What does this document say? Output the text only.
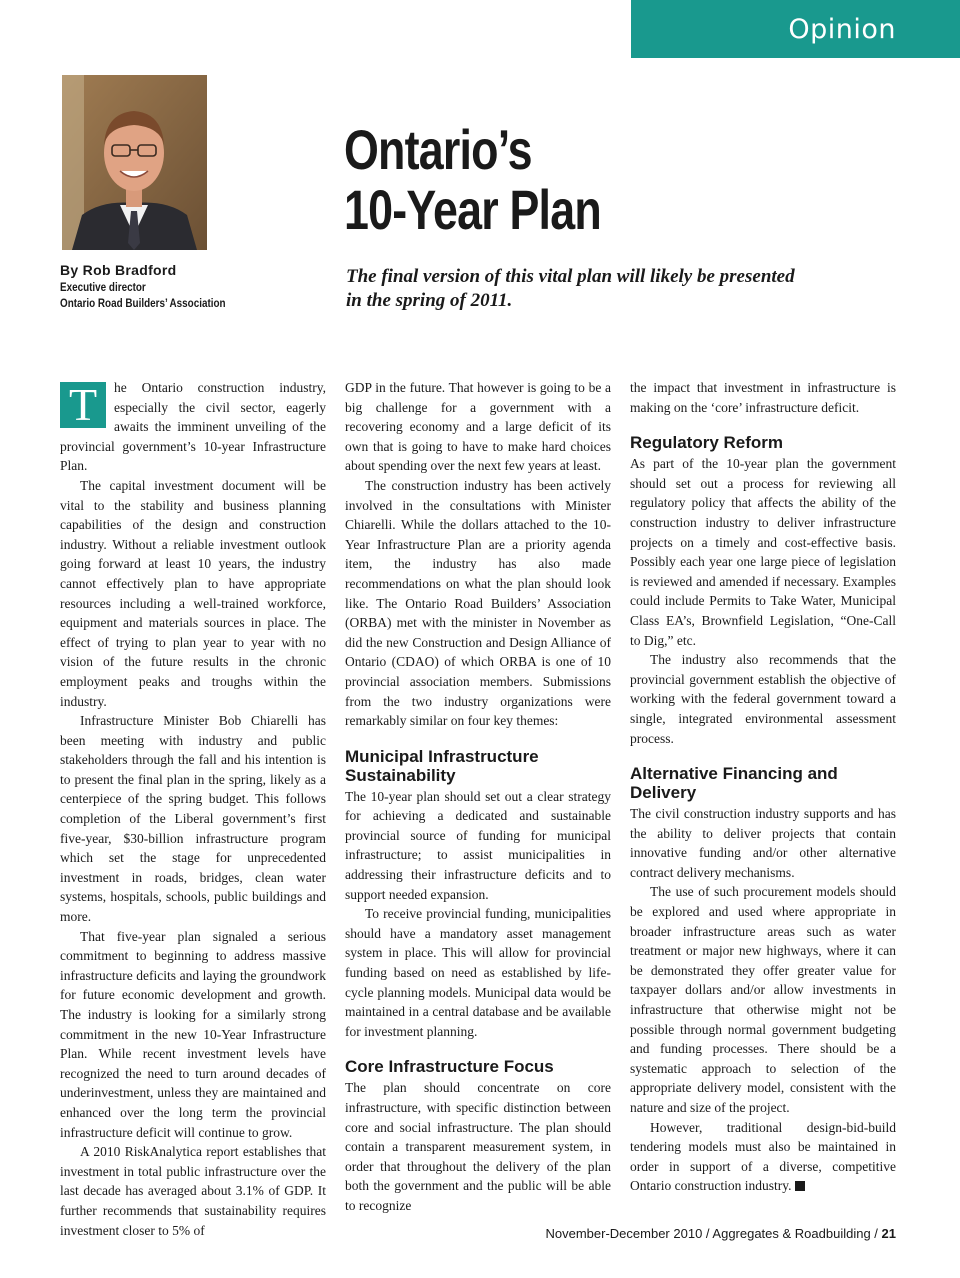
Opinion

By Rob Bradford

Executive director

Ontario Road Builders’ Association

Ontario’s
10-Year Plan

The final version of this vital plan will likely be presented
in the spring of 2011.

T	he Ontario construction industry, especially the civil sector, eagerly awaits the imminent unveiling of the provincial government’s 10-year Infrastructure Plan.

The capital investment document will be vital to the stability and business planning capabilities of the design and construction industry. Without a reliable investment outlook going forward at least 10 years, the industry cannot effectively plan to have appropriate resources including a well-trained workforce, equipment and materials sources in place. The effect of trying to plan year to year with no vision of the future results in the chronic employment peaks and troughs within the industry.

Infrastructure Minister Bob Chiarelli has been meeting with industry and public stakeholders through the fall and his intention is to present the final plan in the spring, likely as a centerpiece of the spring budget. This follows completion of the Liberal government’s first five-year, $30-billion infrastructure program which set the stage for unprecedented investment in roads, bridges, clean water systems, hospitals, schools, public buildings and more.

That five-year plan signaled a serious commitment to beginning to address massive infrastructure deficits and laying the groundwork for future economic development and growth. The industry is looking for a similarly strong commitment in the new 10-Year Infrastructure Plan. While recent investment levels have recognized the need to turn around decades of underinvestment, unless they are maintained and enhanced over the long term the provincial infrastructure deficit will continue to grow.

A 2010 RiskAnalytica report establishes that investment in total public infrastructure over the last decade has averaged about 3.1% of GDP. It further recommends that sustainability requires investment closer to 5% of

GDP in the future. That however is going to be a big challenge for a government with a recovering economy and a large deficit of its own that is going to have to make hard choices about spending over the next few years at least.

The construction industry has been actively involved in the consultations with Minister Chiarelli. While the dollars attached to the 10-Year Infrastructure Plan are a priority agenda item, the industry has also made recommendations on what the plan should look like. The Ontario Road Builders’ Association (ORBA) met with the minister in November as did the new Construction and Design Alliance of Ontario (CDAO) of which ORBA is one of 10 provincial association members. Submissions from the two industry organizations were remarkably similar on four key themes:

Municipal Infrastructure Sustainability

The 10-year plan should set out a clear strategy for achieving a dedicated and sustainable provincial source of funding for municipal infrastructure; to assist municipalities in addressing their infrastructure deficits and to support needed expansion.

To receive provincial funding, municipalities should have a mandatory asset management system in place. This will allow for provincial funding based on need as established by life-cycle planning models. Municipal data would be maintained in a central database and be available for investment planning.

Core Infrastructure Focus

The plan should concentrate on core infrastructure, with specific distinction between core and social infrastructure. The plan should contain a transparent measurement system, in order that throughout the delivery of the plan both the government and the public will be able to recognize

the impact that investment in infrastructure is making on the ‘core’ infrastructure deficit.

Regulatory Reform

As part of the 10-year plan the government should set out a process for reviewing all regulatory policy that affects the ability of the construction industry to deliver infrastructure projects on a timely and cost-effective basis. Possibly each year one large piece of legislation is reviewed and amended if necessary. Examples could include Permits to Take Water, Municipal Class EA’s, Brownfield Legislation, “One-Call to Dig,” etc.

The industry also recommends that the provincial government establish the objective of working with the federal government toward a single, integrated environmental assessment process.

Alternative Financing and Delivery

The civil construction industry supports and has the ability to deliver projects that contain innovative funding and/or other alternative contract delivery mechanisms.

The use of such procurement models should be explored and used where appropriate in broader infrastructure areas such as water treatment or major new highways, where it can be demonstrated they offer greater value for taxpayer dollars and/or allow investments in infrastructure that otherwise might not be possible through normal government budgeting and funding processes. There should be a systematic approach to selection of the appropriate delivery model, consistent with the nature and size of the project.

However, traditional design-bid-build tendering models must also be maintained in order in support of a diverse, competitive Ontario construction industry.

November-December 2010 / Aggregates & Roadbuilding / 21
